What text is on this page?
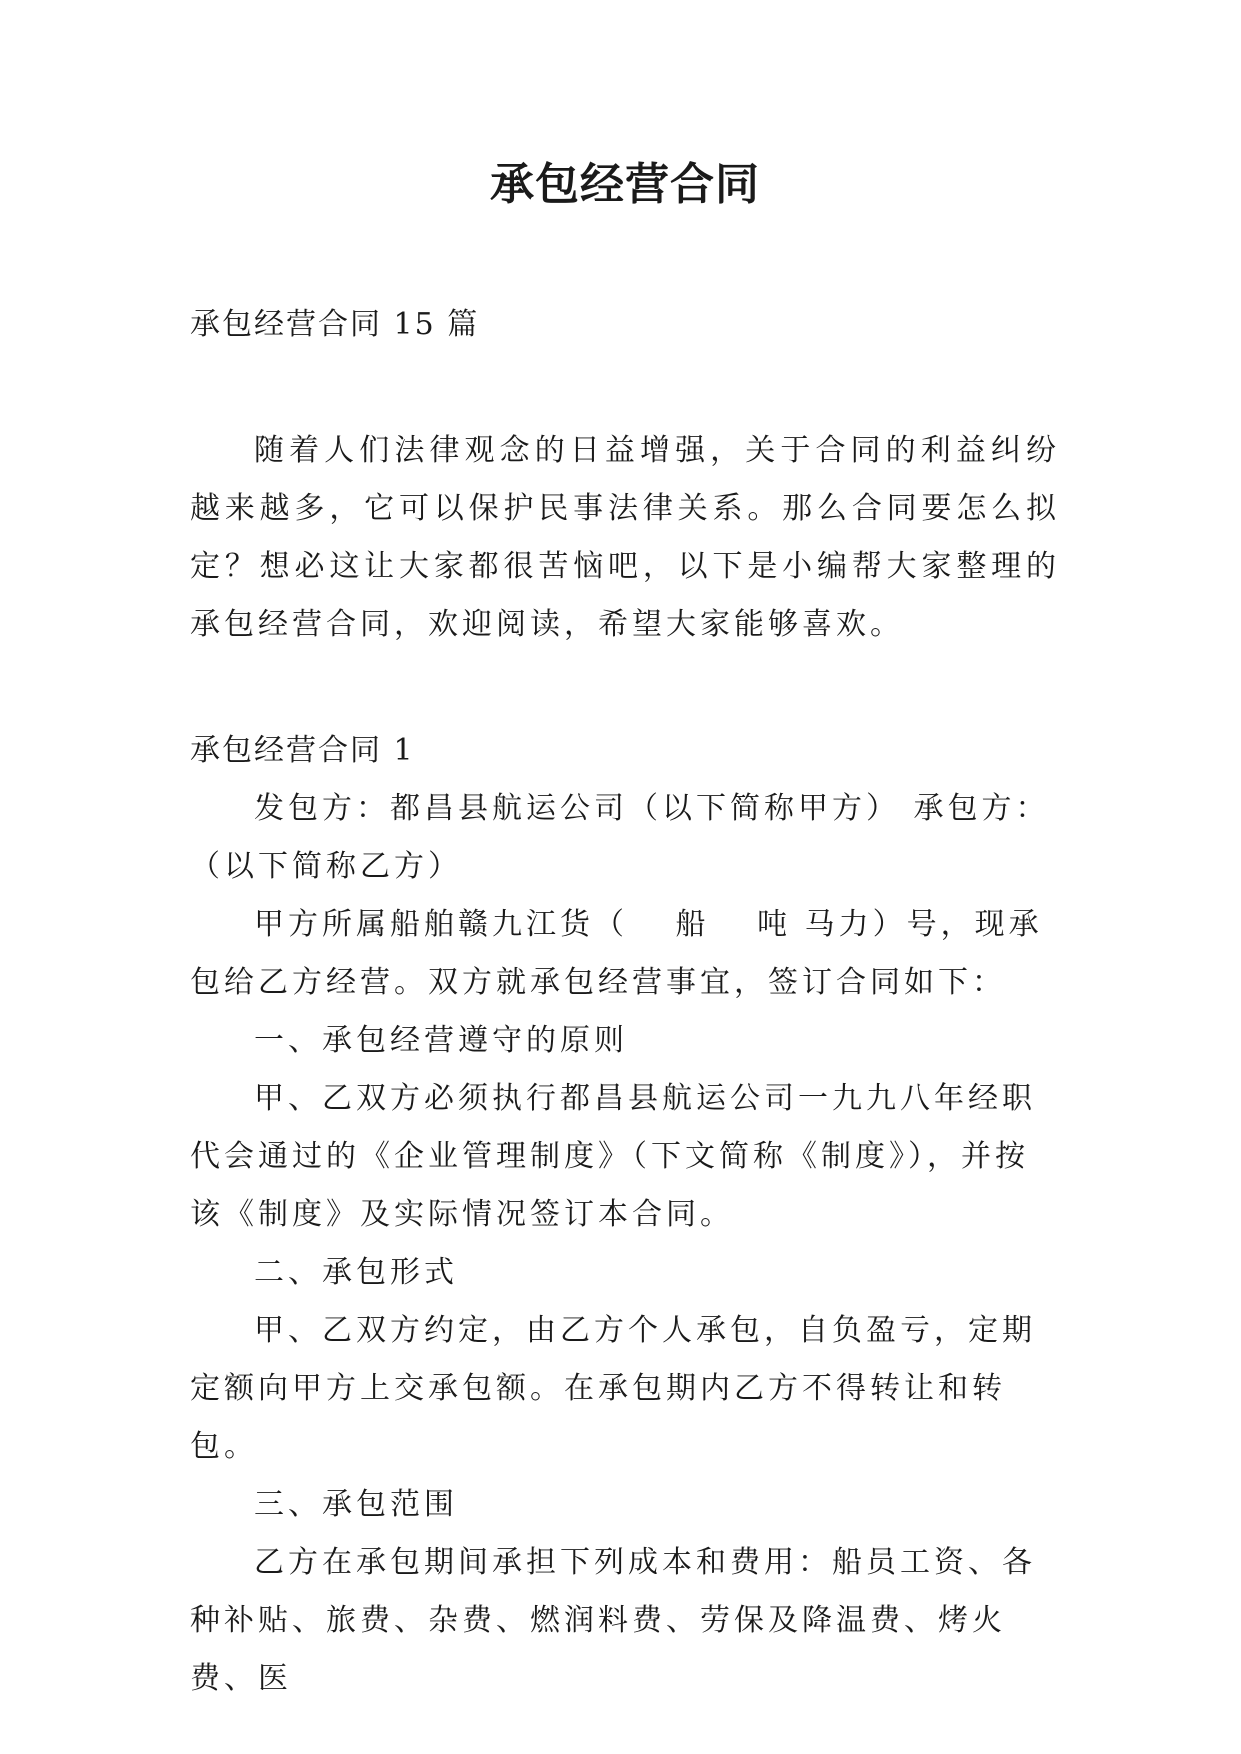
承包经营合同
承包经营合同 15 篇

随着人们法律观念的日益增强，关于合同的利益纠纷越来越多，它可以保护民事法律关系。那么合同要怎么拟定？想必这让大家都很苦恼吧，以下是小编帮大家整理的承包经营合同，欢迎阅读，希望大家能够喜欢。

承包经营合同 1

发包方：都昌县航运公司（以下简称甲方） 承包方：（以下简称乙方）

甲方所属船舶赣九江货（　 船　 吨 马力）号，现承包给乙方经营。双方就承包经营事宜，签订合同如下：

一、承包经营遵守的原则

甲、乙双方必须执行都昌县航运公司一九九八年经职代会通过的《企业管理制度》（下文简称《制度》），并按该《制度》及实际情况签订本合同。

二、承包形式

甲、乙双方约定，由乙方个人承包，自负盈亏，定期定额向甲方上交承包额。在承包期内乙方不得转让和转包。

三、承包范围

乙方在承包期间承担下列成本和费用：船员工资、各种补贴、旅费、杂费、燃润料费、劳保及降温费、烤火费、医
